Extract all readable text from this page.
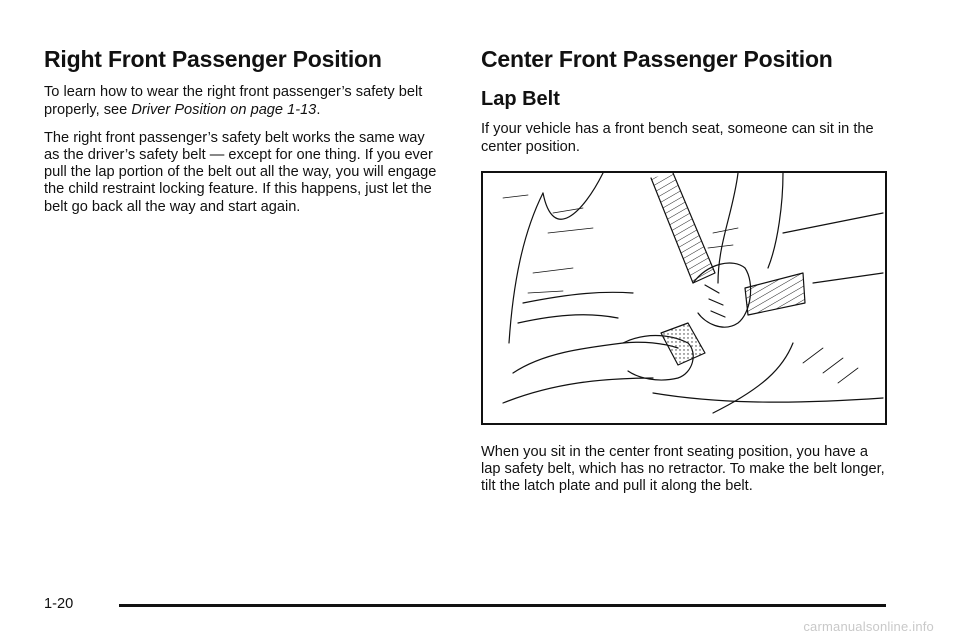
Right Front Passenger Position

To learn how to wear the right front passenger’s safety belt properly, see Driver Position on page 1-13.

The right front passenger’s safety belt works the same way as the driver’s safety belt — except for one thing. If you ever pull the lap portion of the belt out all the way, you will engage the child restraint locking feature. If this happens, just let the belt go back all the way and start again.

Center Front Passenger Position
Lap Belt

If your vehicle has a front bench seat, someone can sit in the center position.

When you sit in the center front seating position, you have a lap safety belt, which has no retractor. To make the belt longer, tilt the latch plate and pull it along the belt.

1-20
carmanualsonline.info
